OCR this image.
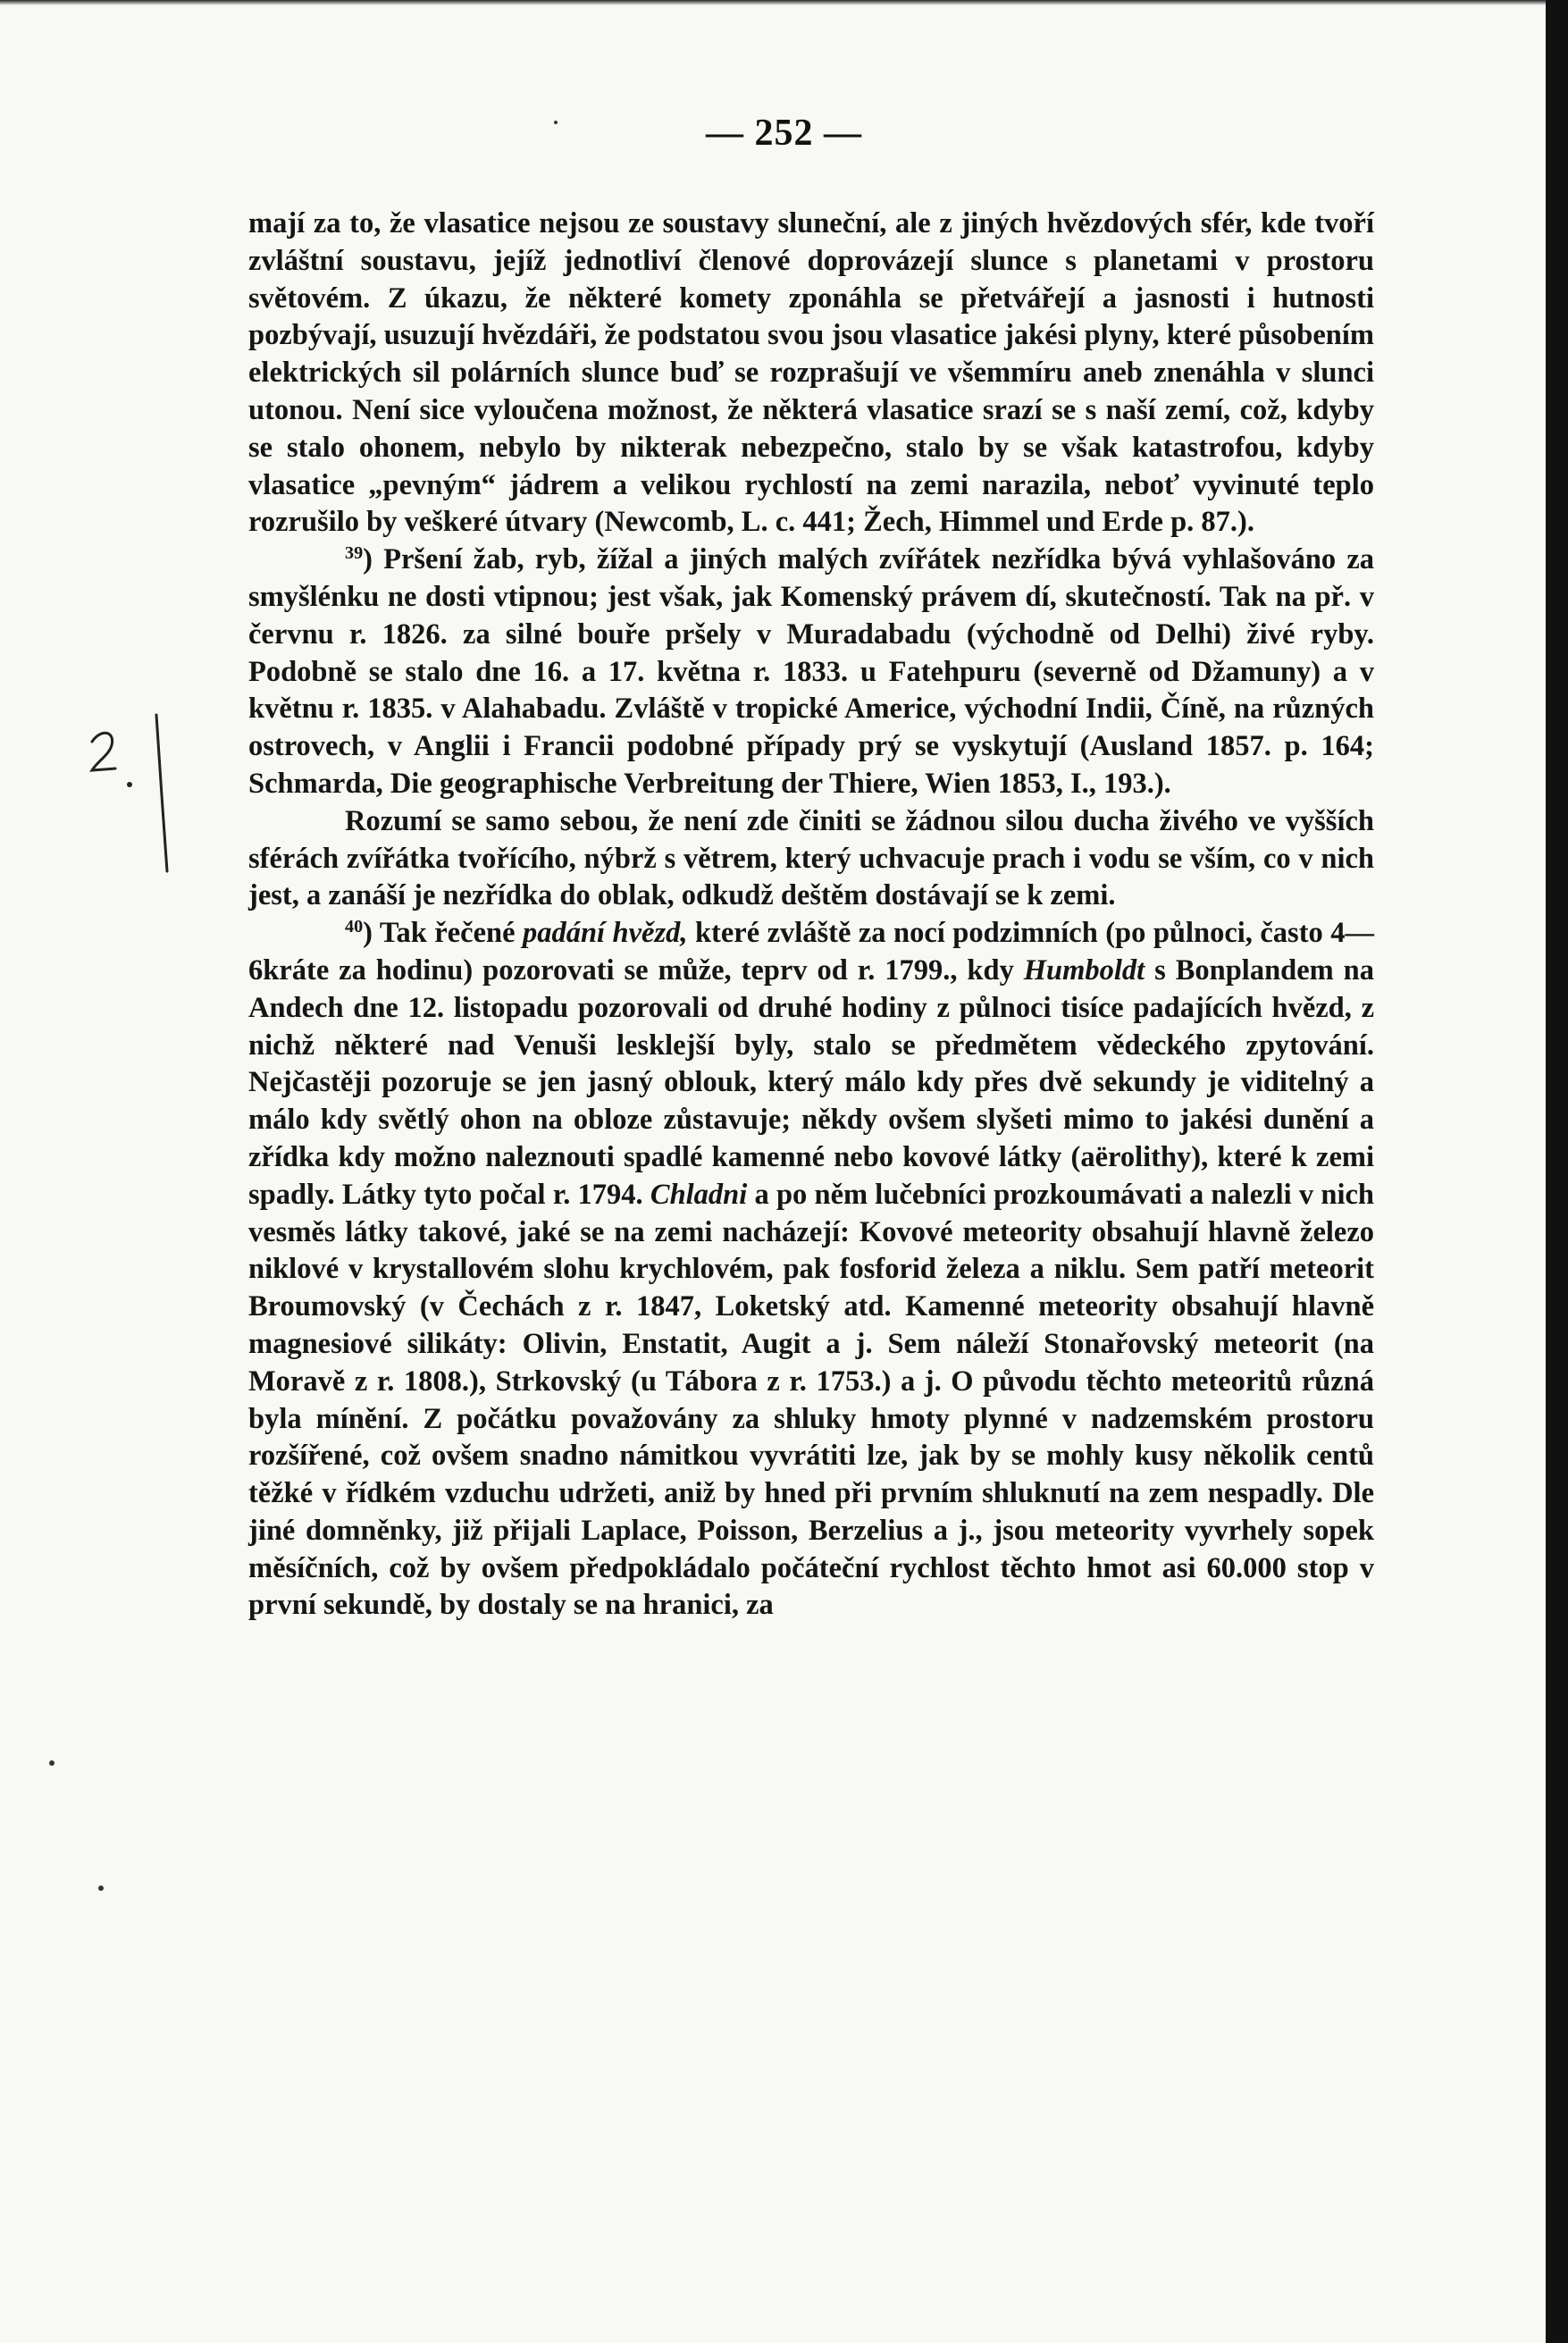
— 252 —
mají za to, že vlasatice nejsou ze soustavy sluneční, ale z jiných hvězdových sfér, kde tvoří zvláštní soustavu, jejíž jednotliví členové doprovázejí slunce s planetami v prostoru světovém. Z úkazu, že některé komety zponáhla se přetvářejí a jasnosti i hutnosti pozbývají, usuzují hvězdáři, že podstatou svou jsou vlasatice jakési plyny, které působením elektrických sil polárních slunce buď se rozprašují ve všemmíru aneb znenáhla v slunci utonou. Není sice vyloučena možnost, že některá vlasatice srazí se s naší zemí, což, kdyby se stalo ohonem, nebylo by nikterak nebezpečno, stalo by se však katastrofou, kdyby vlasatice „pevným“ jádrem a velikou rychlostí na zemi narazila, neboť vyvinuté teplo rozrušilo by veškeré útvary (Newcomb, L. c. 441; Žech, Himmel und Erde p. 87.).
$^{39}$) Pršení žab, ryb, žížal a jiných malých zvířátek nezřídka bývá vyhlašováno za smyšlénku ne dosti vtipnou; jest však, jak Komenský právem dí, skutečností. Tak na př. v červnu r. 1826. za silné bouře pršely v Muradabadu (východně od Delhi) živé ryby. Podobně se stalo dne 16. a 17. května r. 1833. u Fatehpuru (severně od Džamuny) a v květnu r. 1835. v Alahabadu. Zvláště v tropické Americe, východní Indii, Číně, na různých ostrovech, v Anglii i Francii podobné případy prý se vyskytují (Ausland 1857. p. 164; Schmarda, Die geographische Verbreitung der Thiere, Wien 1853, I., 193.).
Rozumí se samo sebou, že není zde činiti se žádnou silou ducha živého ve vyšších sférách zvířátka tvořícího, nýbrž s větrem, který uchvacuje prach i vodu se vším, co v nich jest, a zanáší je nezřídka do oblak, odkudž deštěm dostávají se k zemi.
$^{40}$) Tak řečené padání hvězd, které zvláště za nocí podzimních (po půlnoci, často 4—6kráte za hodinu) pozorovati se může, teprv od r. 1799., kdy Humboldt s Bonplandem na Andech dne 12. listopadu pozorovali od druhé hodiny z půlnoci tisíce padajících hvězd, z nichž některé nad Venuši lesklejší byly, stalo se předmětem vědeckého zpytování. Nejčastěji pozoruje se jen jasný oblouk, který málo kdy přes dvě sekundy je viditelný a málo kdy světlý ohon na obloze zůstavuje; někdy ovšem slyšeti mimo to jakési dunění a zřídka kdy možno naleznouti spadlé kamenné nebo kovové látky (aërolithy), které k zemi spadly. Látky tyto počal r. 1794. Chladni a po něm lučebníci prozkoumávati a nalezli v nich vesměs látky takové, jaké se na zemi nacházejí: Kovové meteority obsahují hlavně železo niklové v krystallovém slohu krychlovém, pak fosforid železa a niklu. Sem patří meteorit Broumovský (v Čechách z r. 1847, Loketský atd. Kamenné meteority obsahují hlavně magnesiové silikáty: Olivin, Enstatit, Augit a j. Sem náleží Stonařovský meteorit (na Moravě z r. 1808.), Strkovský (u Tábora z r. 1753.) a j. O původu těchto meteoritů různá byla mínění. Z počátku považovány za shluky hmoty plynné v nadzemském prostoru rozšířené, což ovšem snadno námitkou vyvrátiti lze, jak by se mohly kusy několik centů těžké v řídkém vzduchu udržeti, aniž by hned při prvním shluknutí na zem nespadly. Dle jiné domněnky, již přijali Laplace, Poisson, Berzelius a j., jsou meteority vyvrhely sopek měsíčních, což by ovšem předpokládalo počáteční rychlost těchto hmot asi 60.000 stop v první sekundě, by dostaly se na hranici, za
